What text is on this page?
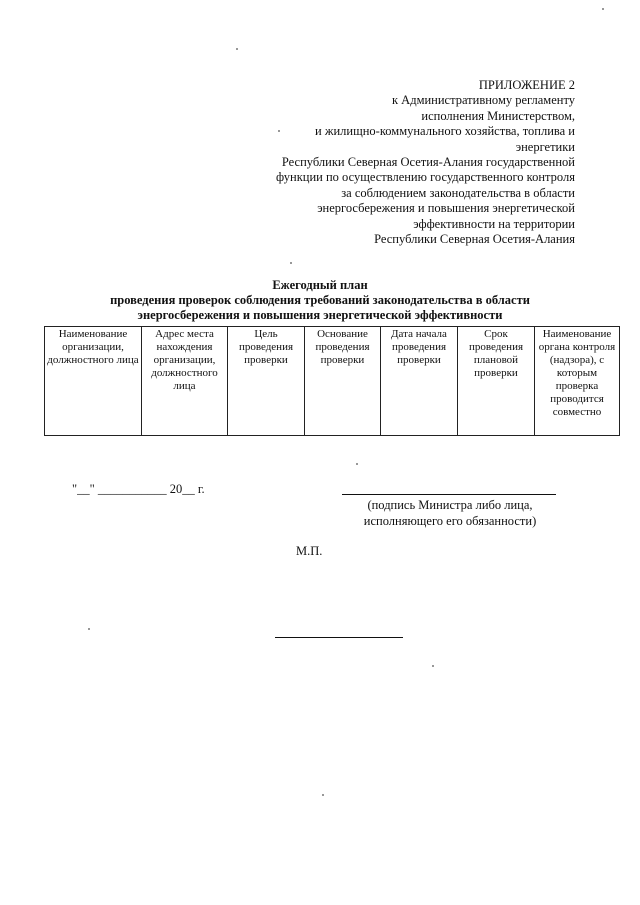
ПРИЛОЖЕНИЕ 2
к Административному регламенту
исполнения Министерством,
и жилищно-коммунального хозяйства, топлива и
энергетики
Республики Северная Осетия-Алания государственной
функции по осуществлению государственного контроля
за соблюдением законодательства в области
энергосбережения и повышения энергетической
эффективности на территории
Республики Северная Осетия-Алания
Ежегодный план
проведения проверок соблюдения требований законодательства в области
энергосбережения и повышения энергетической эффективности
Наименование организации, должностного лица	Адрес места нахождения организации, должностного лица	Цель проведения проверки	Основание проведения проверки	Дата начала проведения проверки	Срок проведения плановой проверки	Наименование органа контроля (надзора), с которым проверка проводится совместно
"__" ___________ 20__ г.
(подпись Министра либо лица,
исполняющего его обязанности)
М.П.
